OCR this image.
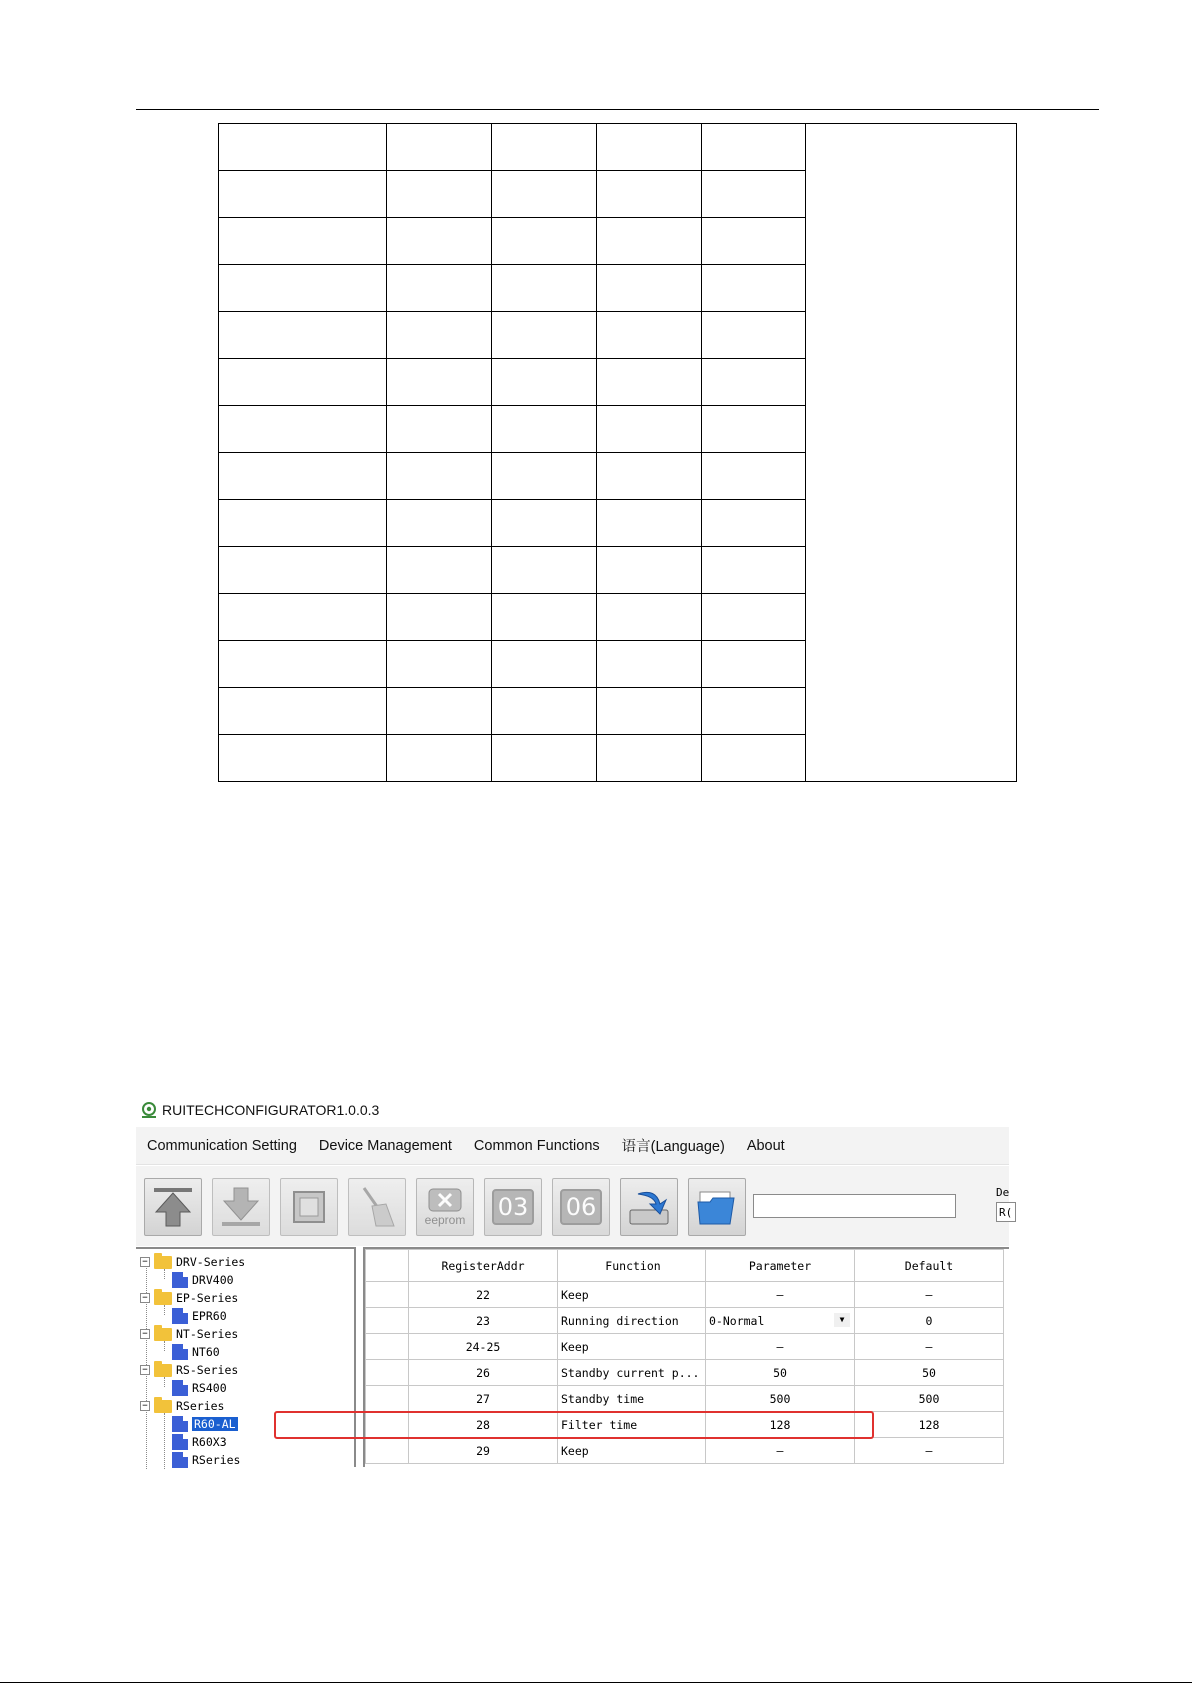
RUITECHCONFIGURATOR1.0.0.3
Communication Setting	Device Management	Common Functions	语言(Language)	About
eeprom 03 06
De
R(
− DRV-Series
DRV400
− EP-Series
EPR60
− NT-Series
NT60
− RS-Series
RS400
− RSeries
R60-AL
R60X3
RSeries
	RegisterAddr	Function	Parameter	Default
	22	Keep	–	–
	23	Running direction	0-Normal ▼	0
	24-25	Keep	–	–
	26	Standby current p...	50	50
	27	Standby time	500	500
	28	Filter time	128	128
	29	Keep	–	–
